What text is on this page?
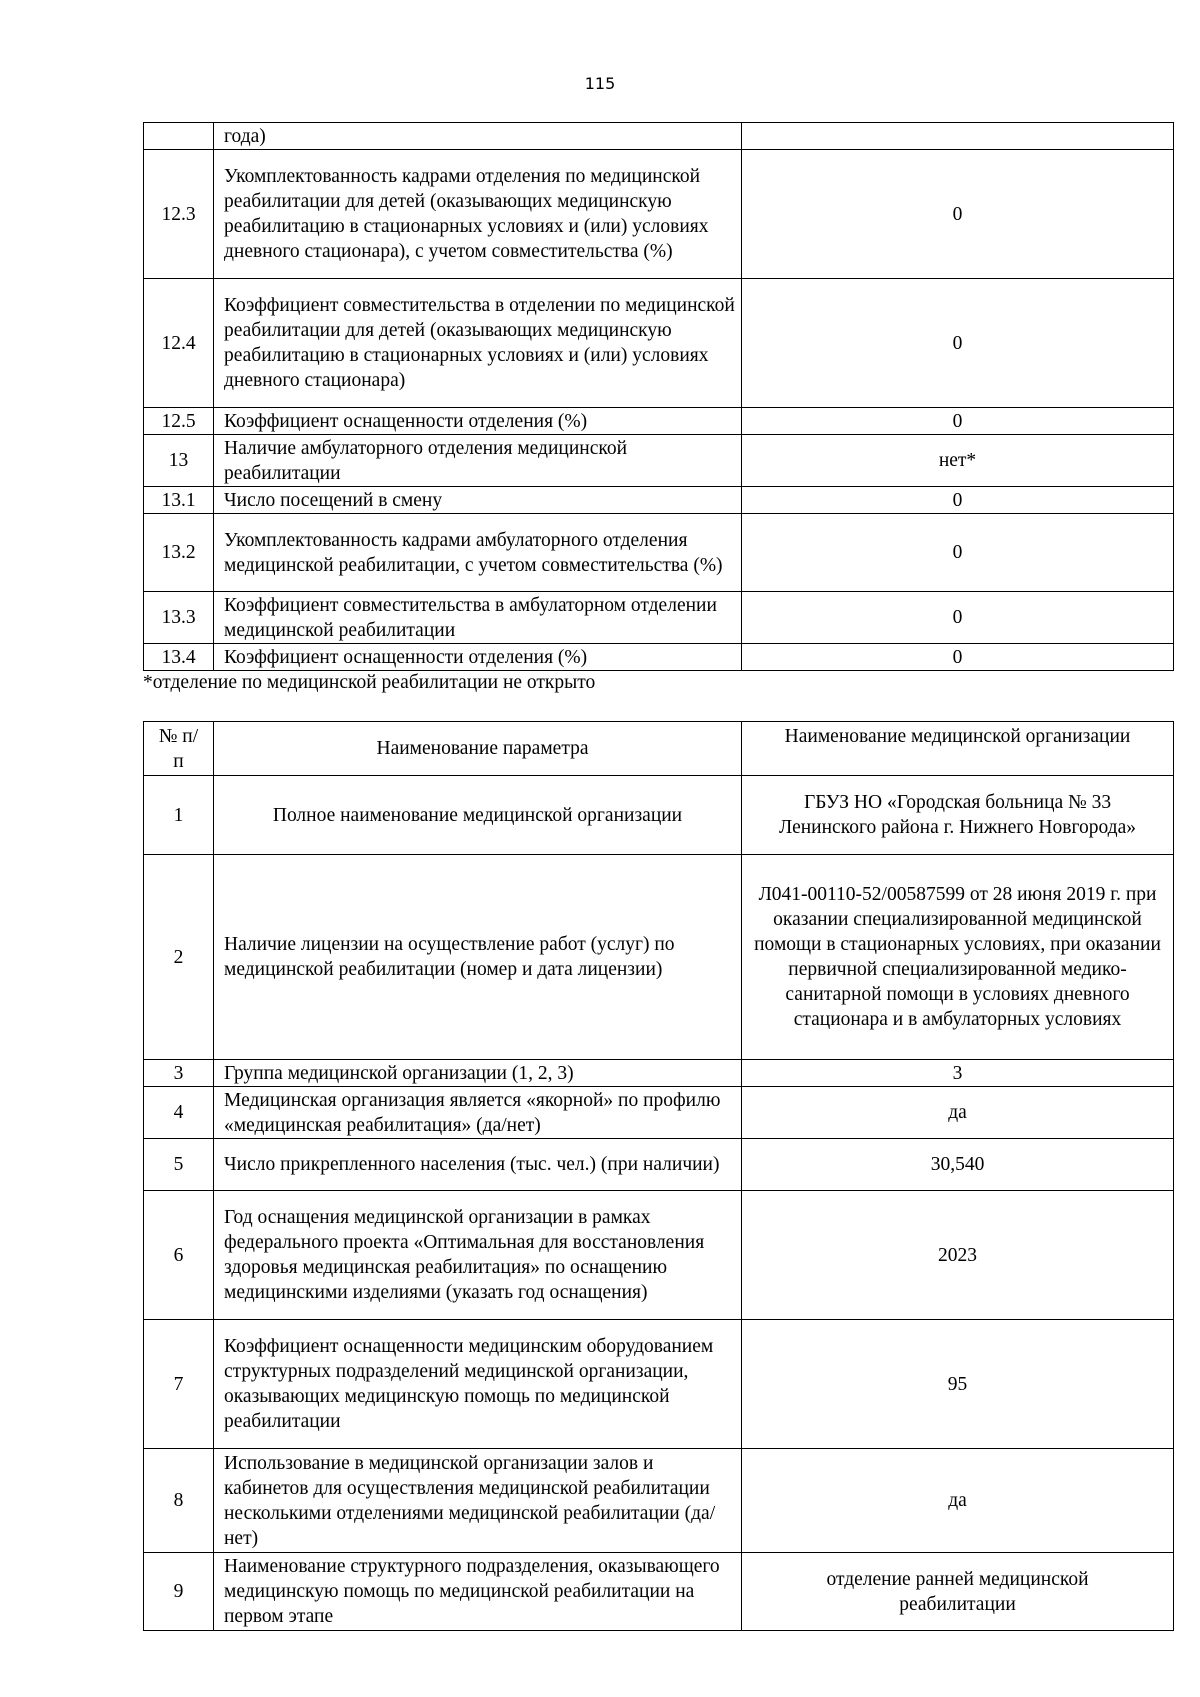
115
	года)	
12.3	Укомплектованность кадрами отделения по медицинской реабилитации для детей (оказывающих медицинскую реабилитацию в стационарных условиях и (или) условиях дневного стационара), с учетом совместительства (%)	0
12.4	Коэффициент совместительства в отделении по медицинской реабилитации для детей (оказывающих медицинскую реабилитацию в стационарных условиях и (или) условиях дневного стационара)	0
12.5	Коэффициент оснащенности отделения (%)	0
13	Наличие амбулаторного отделения медицинской реабилитации	нет*
13.1	Число посещений в смену	0
13.2	Укомплектованность кадрами амбулаторного отделения медицинской реабилитации, с учетом совместительства (%)	0
13.3	Коэффициент совместительства в амбулаторном отделении медицинской реабилитации	0
13.4	Коэффициент оснащенности отделения (%)	0
*отделение по медицинской реабилитации не открыто
№ п/п	Наименование параметра	Наименование медицинской организации
1	Полное наименование медицинской организации	ГБУЗ НО «Городская больница № 33 Ленинского района г. Нижнего Новгорода»
2	Наличие лицензии на осуществление работ (услуг) по медицинской реабилитации (номер и дата лицензии)	Л041-00110-52/00587599 от 28 июня 2019 г. при оказании специализированной медицинской помощи в стационарных условиях, при оказании первичной специализированной медико-санитарной помощи в условиях дневного стационара и в амбулаторных условиях
3	Группа медицинской организации (1, 2, 3)	3
4	Медицинская организация является «якорной» по профилю «медицинская реабилитация» (да/нет)	да
5	Число прикрепленного населения (тыс. чел.) (при наличии)	30,540
6	Год оснащения медицинской организации в рамках федерального проекта «Оптимальная для восстановления здоровья медицинская реабилитация» по оснащению медицинскими изделиями (указать год оснащения)	2023
7	Коэффициент оснащенности медицинским оборудованием структурных подразделений медицинской организации, оказывающих медицинскую помощь по медицинской реабилитации	95
8	Использование в медицинской организации залов и кабинетов для осуществления медицинской реабилитации несколькими отделениями медицинской реабилитации (да/нет)	да
9	Наименование структурного подразделения, оказывающего медицинскую помощь по медицинской реабилитации на первом этапе	отделение ранней медицинской реабилитации
